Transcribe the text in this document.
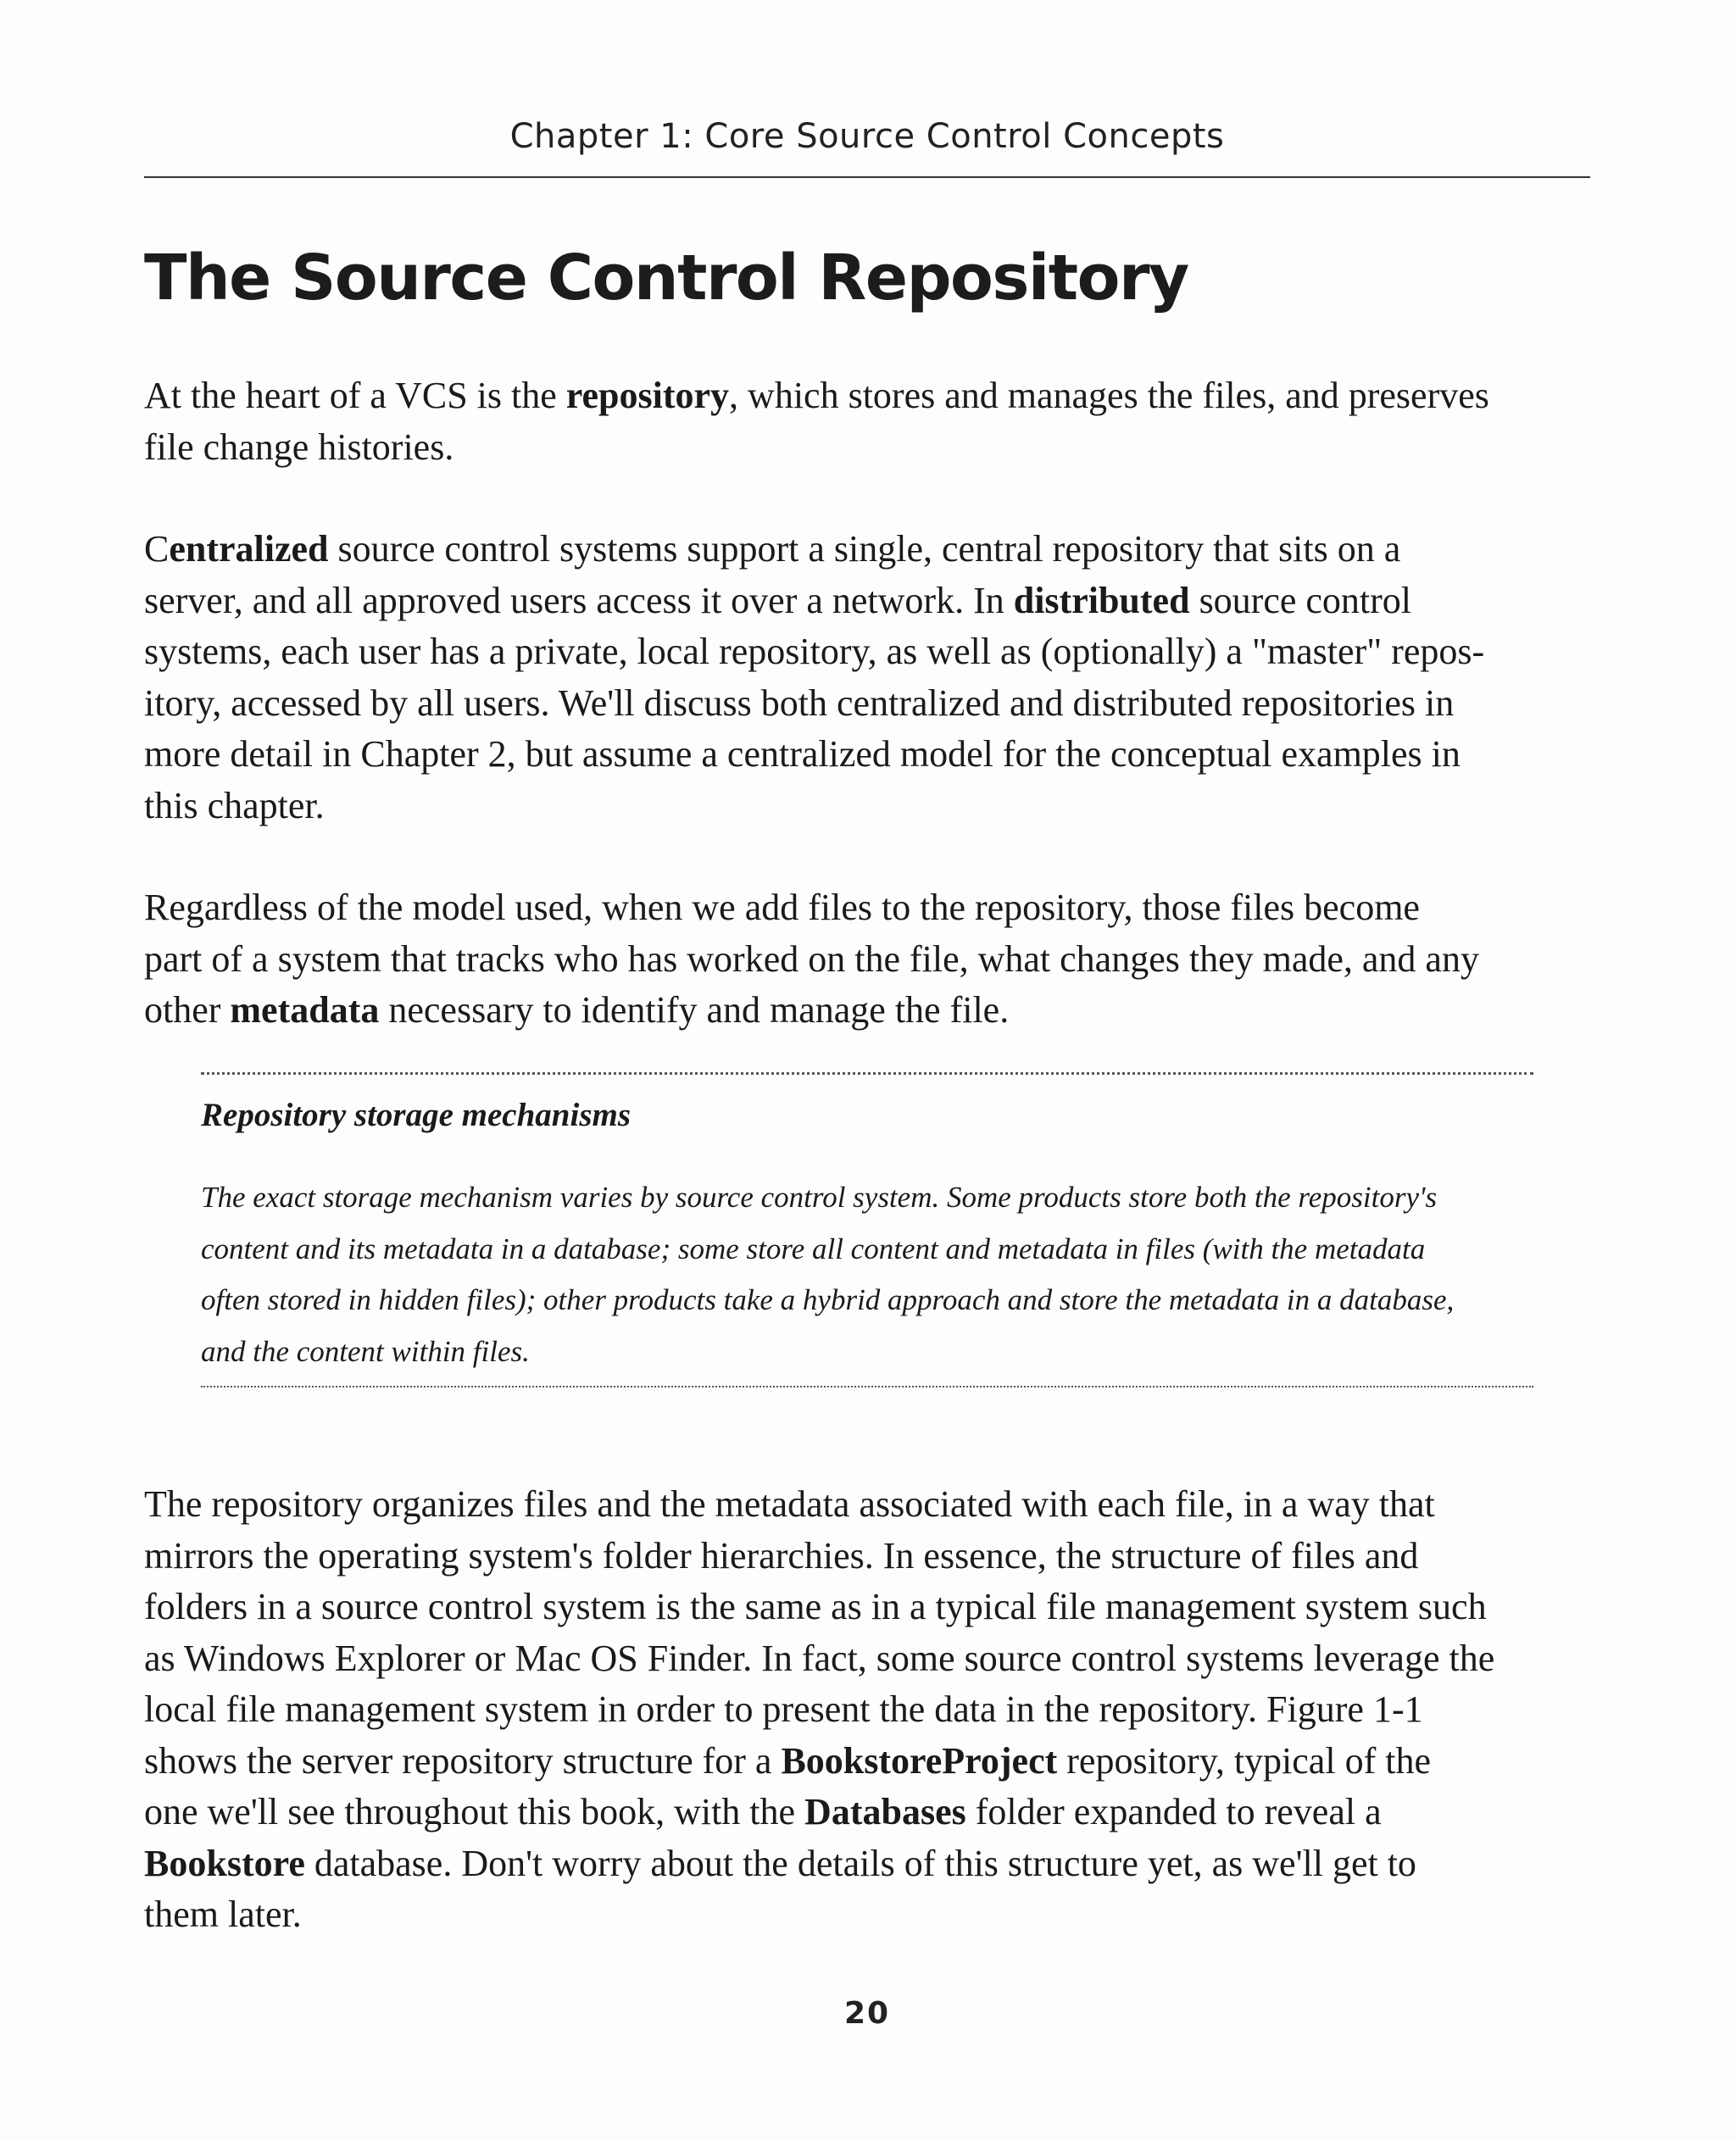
Chapter 1: Core Source Control Concepts
The Source Control Repository

At the heart of a VCS is the repository, which stores and manages the files, and preserves
file change histories.

Centralized source control systems support a single, central repository that sits on a
server, and all approved users access it over a network. In distributed source control
systems, each user has a private, local repository, as well as (optionally) a "master" repos-
itory, accessed by all users. We'll discuss both centralized and distributed repositories in
more detail in Chapter 2, but assume a centralized model for the conceptual examples in
this chapter.

Regardless of the model used, when we add files to the repository, those files become
part of a system that tracks who has worked on the file, what changes they made, and any
other metadata necessary to identify and manage the file.

Repository storage mechanisms

The exact storage mechanism varies by source control system. Some products store both the repository's
content and its metadata in a database; some store all content and metadata in files (with the metadata
often stored in hidden files); other products take a hybrid approach and store the metadata in a database,
and the content within files.

The repository organizes files and the metadata associated with each file, in a way that
mirrors the operating system's folder hierarchies. In essence, the structure of files and
folders in a source control system is the same as in a typical file management system such
as Windows Explorer or Mac OS Finder. In fact, some source control systems leverage the
local file management system in order to present the data in the repository. Figure 1-1
shows the server repository structure for a BookstoreProject repository, typical of the
one we'll see throughout this book, with the Databases folder expanded to reveal a
Bookstore database. Don't worry about the details of this structure yet, as we'll get to
them later.

20
